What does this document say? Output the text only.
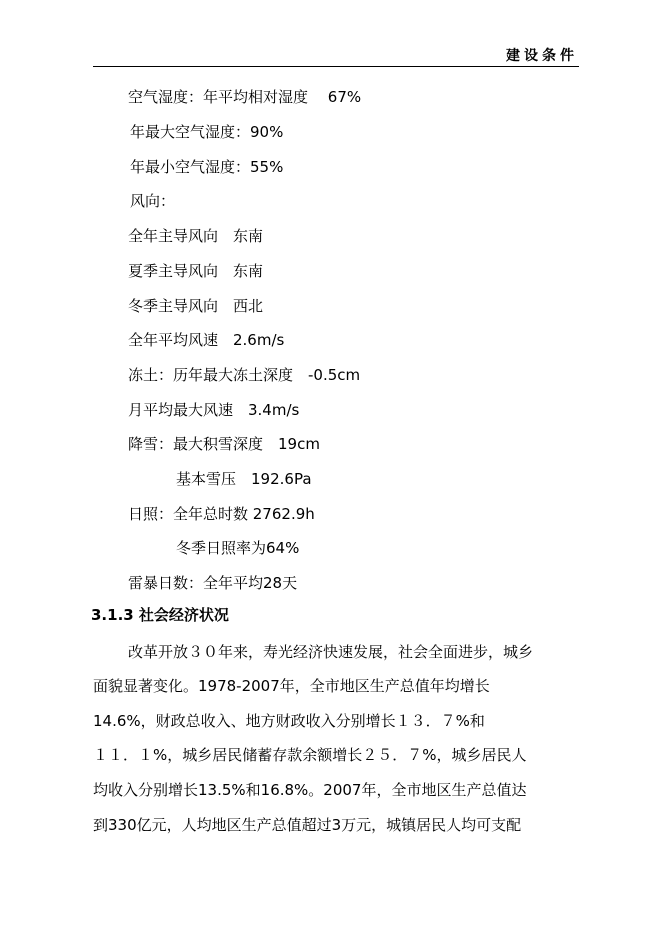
建设条件
空气湿度：年平均相对湿度　 67%
年最大空气湿度：90%
年最小空气湿度：55%
风向：
全年主导风向　东南
夏季主导风向　东南
冬季主导风向　西北
全年平均风速　2.6m/s
冻土：历年最大冻土深度　-0.5cm
月平均最大风速　3.4m/s
降雪：最大积雪深度　19cm
基本雪压　192.6Pa
日照：全年总时数 2762.9h
冬季日照率为64%
雷暴日数：全年平均28天
3.1.3 社会经济状况
改革开放３０年来，寿光经济快速发展，社会全面进步，城乡
面貌显著变化。1978-2007年，全市地区生产总值年均增长
14.6%，财政总收入、地方财政收入分别增长１３．７%和
１１．１%，城乡居民储蓄存款余额增长２５．７%，城乡居民人
均收入分别增长13.5%和16.8%。2007年，全市地区生产总值达
到330亿元，人均地区生产总值超过3万元，城镇居民人均可支配
